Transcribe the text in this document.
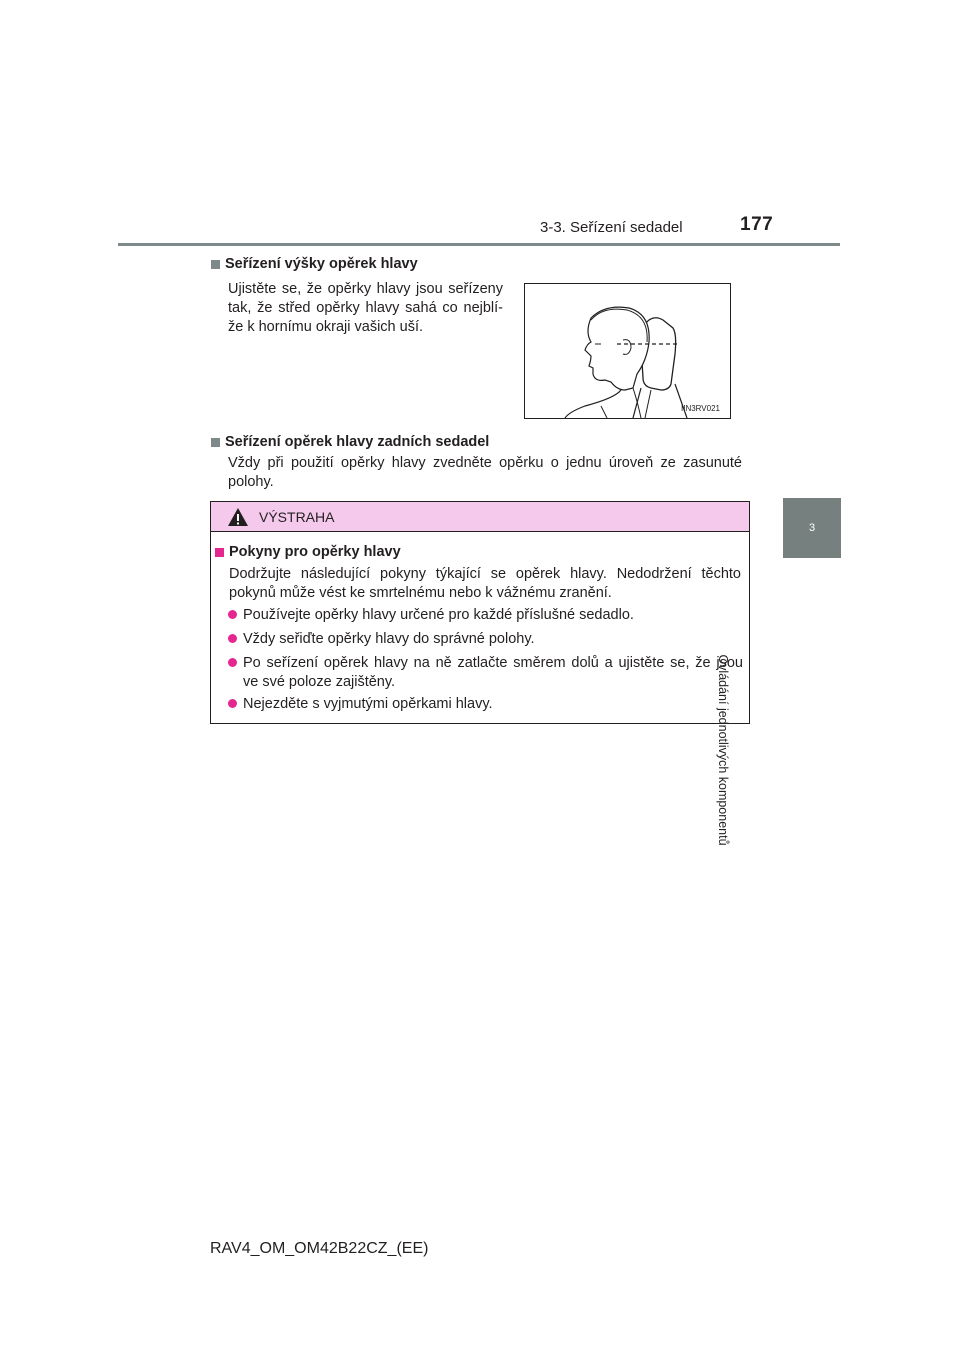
3-3. Seřízení sedadel	177
3
Ovládání jednotlivých komponentů
Seřízení výšky opěrek hlavy
Ujistěte se, že opěrky hlavy jsou seřízeny
tak, že střed opěrky hlavy sahá co nejblí-
že k hornímu okraji vašich uší.
IIN3RV021
Seřízení opěrek hlavy zadních sedadel
Vždy při použití opěrky hlavy zvedněte opěrku o jednu úroveň ze zasunuté
polohy.
VÝSTRAHA
Pokyny pro opěrky hlavy
Dodržujte následující pokyny týkající se opěrek hlavy. Nedodržení těchto
pokynů může vést ke smrtelnému nebo k vážnému zranění.
Používejte opěrky hlavy určené pro každé příslušné sedadlo.
Vždy seřiďte opěrky hlavy do správné polohy.
Po seřízení opěrek hlavy na ně zatlačte směrem dolů a ujistěte se, že jsou
ve své poloze zajištěny.
Nejezděte s vyjmutými opěrkami hlavy.
RAV4_OM_OM42B22CZ_(EE)
